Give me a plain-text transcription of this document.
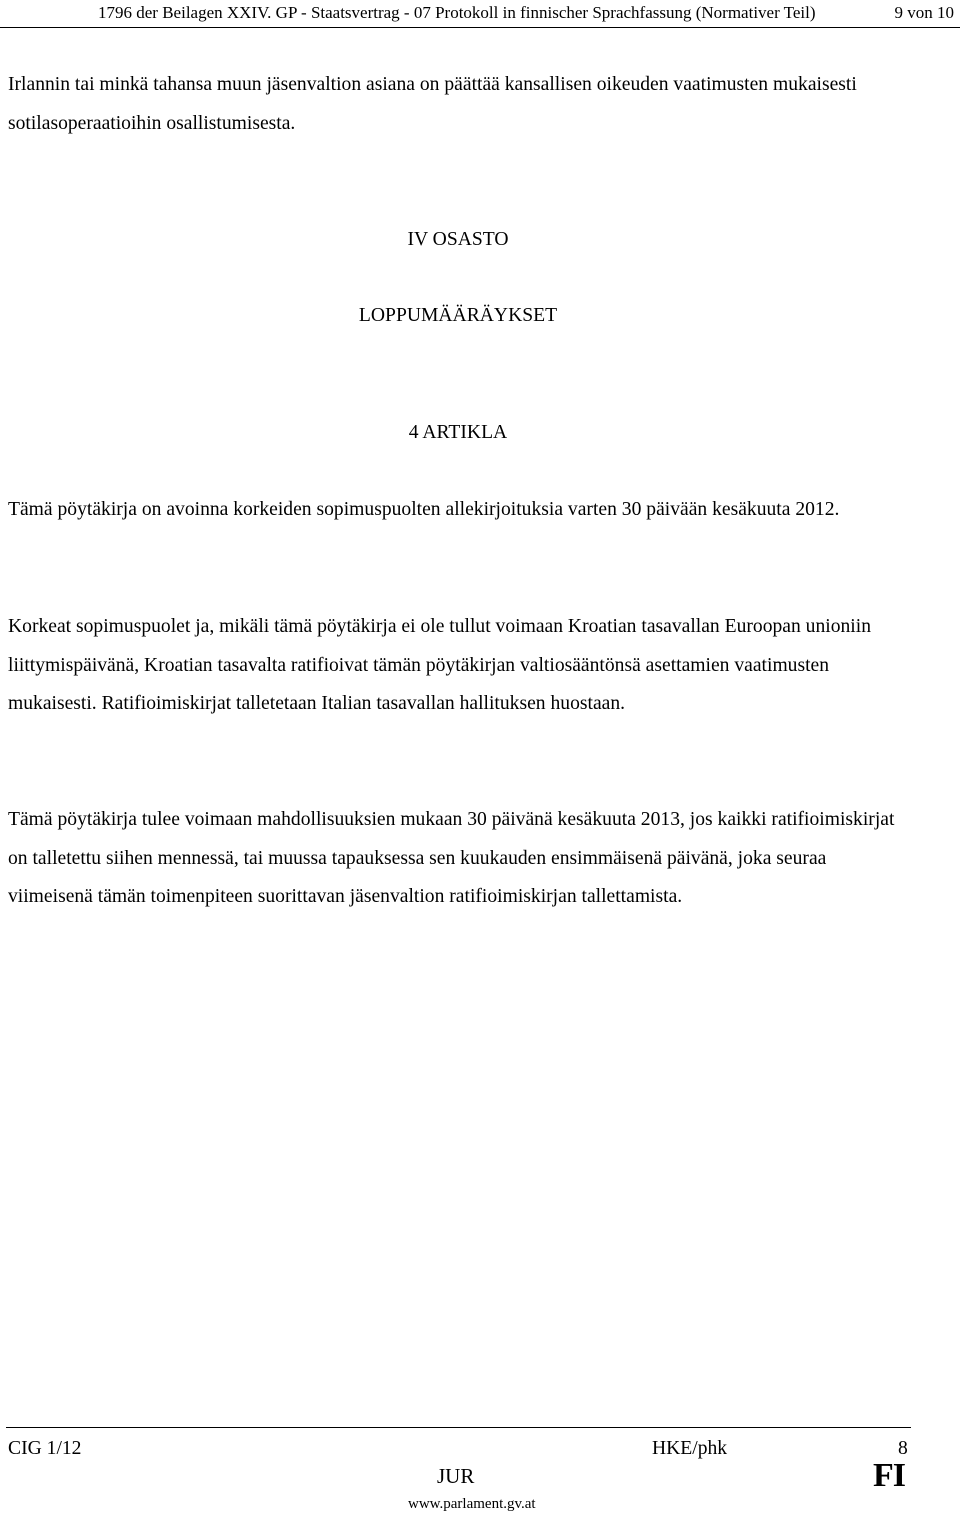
1796 der Beilagen XXIV. GP - Staatsvertrag - 07 Protokoll in finnischer Sprachfassung (Normativer Teil)	9 von 10

Irlannin tai minkä tahansa muun jäsenvaltion asiana on päättää kansallisen oikeuden vaatimusten mukaisesti sotilasoperaatioihin osallistumisesta.

IV OSASTO
LOPPUMÄÄRÄYKSET
4 ARTIKLA

Tämä pöytäkirja on avoinna korkeiden sopimuspuolten allekirjoituksia varten 30 päivään kesäkuuta 2012.

Korkeat sopimuspuolet ja, mikäli tämä pöytäkirja ei ole tullut voimaan Kroatian tasavallan Euroopan unioniin liittymispäivänä, Kroatian tasavalta ratifioivat tämän pöytäkirjan valtiosääntönsä asettamien vaatimusten mukaisesti. Ratifioimiskirjat talletetaan Italian tasavallan hallituksen huostaan.

Tämä pöytäkirja tulee voimaan mahdollisuuksien mukaan 30 päivänä kesäkuuta 2013, jos kaikki ratifioimiskirjat on talletettu siihen mennessä, tai muussa tapauksessa sen kuukauden ensimmäisenä päivänä, joka seuraa viimeisenä tämän toimenpiteen suorittavan jäsenvaltion ratifioimiskirjan tallettamista.

CIG 1/12	HKE/phk	8
JUR	FI
www.parlament.gv.at
